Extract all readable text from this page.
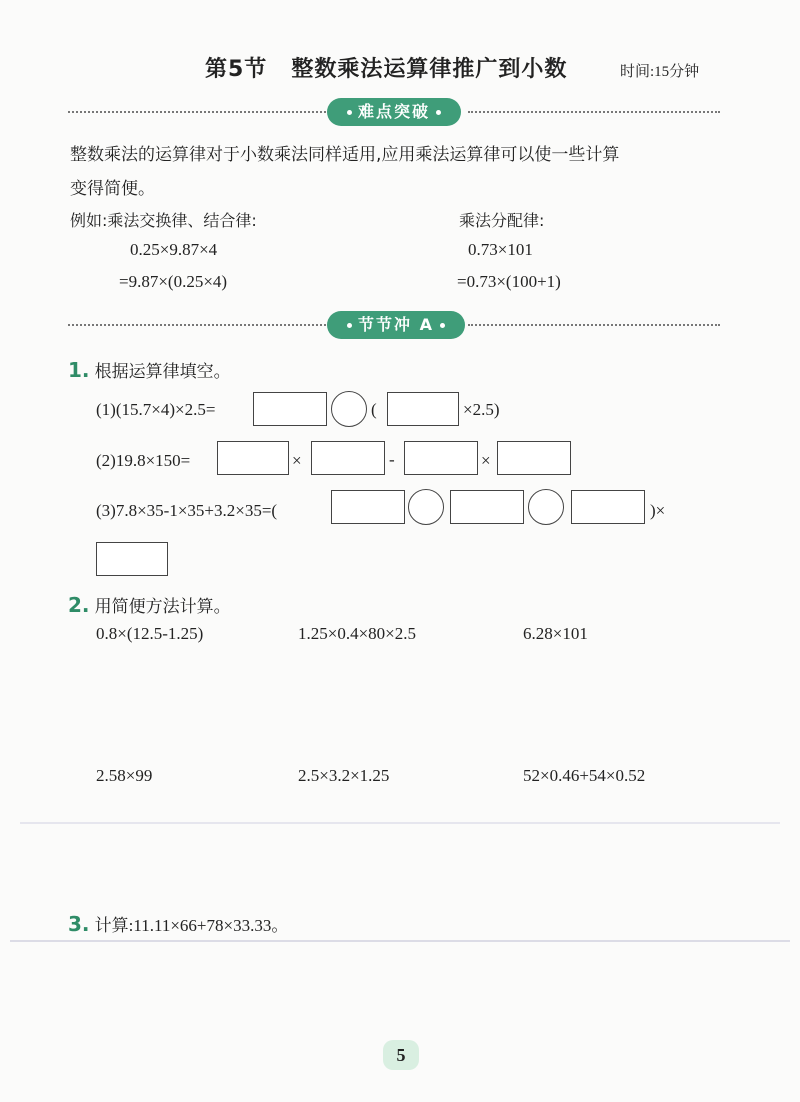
第5节 整数乘法运算律推广到小数	时间:15分钟
难点突破
整数乘法的运算律对于小数乘法同样适用,应用乘法运算律可以使一些计算
变得简便。
例如:乘法交换律、结合律:
0.25×9.87×4
=9.87×(0.25×4)
乘法分配律:
0.73×101
=0.73×(100+1)
节节冲 A
1. 根据运算律填空。
(1)(15.7×4)×2.5=	(	×2.5)
(2)19.8×150=	×	-	×
(3)7.8×35-1×35+3.2×35=(	)×
2. 用简便方法计算。
0.8×(12.5-1.25)	1.25×0.4×80×2.5	6.28×101
2.58×99	2.5×3.2×1.25	52×0.46+54×0.52
3. 计算:11.11×66+78×33.33。
5
